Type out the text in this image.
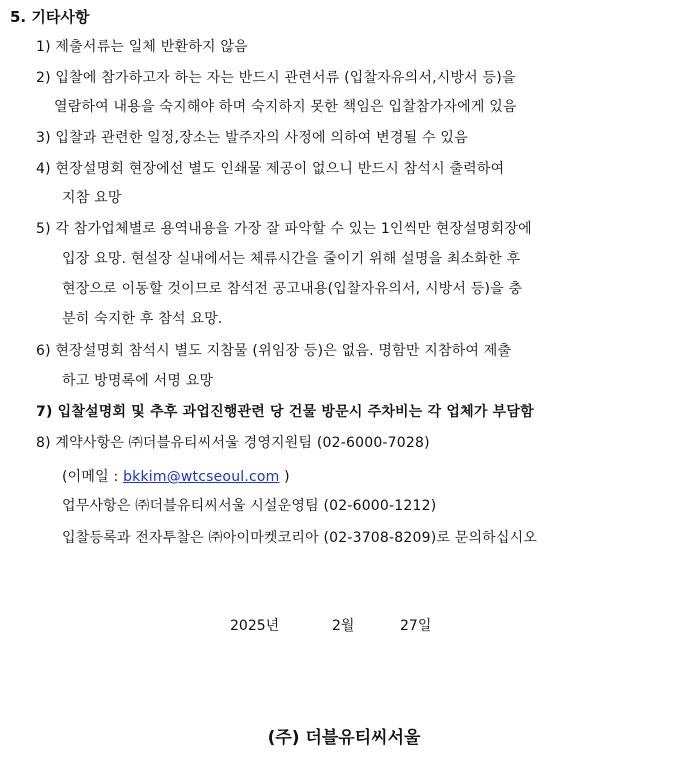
5. 기타사항
1) 제출서류는 일체 반환하지 않음
2) 입찰에 참가하고자 하는 자는 반드시 관련서류 (입찰자유의서,시방서 등)을
열람하여 내용을 숙지해야 하며 숙지하지 못한 책임은 입찰참가자에게 있음
3) 입찰과 관련한 일정,장소는 발주자의 사정에 의하여 변경될 수 있음
4) 현장설명회 현장에선 별도 인쇄물 제공이 없으니 반드시 참석시 출력하여
지참 요망
5) 각 참가업체별로 용역내용을 가장 잘 파악할 수 있는 1인씩만 현장설명회장에
입장 요망. 현설장 실내에서는 체류시간을 줄이기 위해 설명을 최소화한 후
현장으로 이동할 것이므로 참석전 공고내용(입찰자유의서, 시방서 등)을 충
분히 숙지한 후 참석 요망.
6) 현장설명회 참석시 별도 지참물 (위임장 등)은 없음. 명함만 지참하여 제출
하고 방명록에 서명 요망
7) 입찰설명회 및 추후 과업진행관련 당 건물 방문시 주차비는 각 업체가 부담함
8) 계약사항은 ㈜더블유티씨서울 경영지원팀 (02-6000-7028)
(이메일 : bkkim@wtcseoul.com )
업무사항은 ㈜더블유티씨서울 시설운영팀 (02-6000-1212)
입찰등록과 전자투찰은 ㈜아이마켓코리아 (02-3708-8209)로 문의하십시오
2025년	2월	27일
(주) 더블유티씨서울
